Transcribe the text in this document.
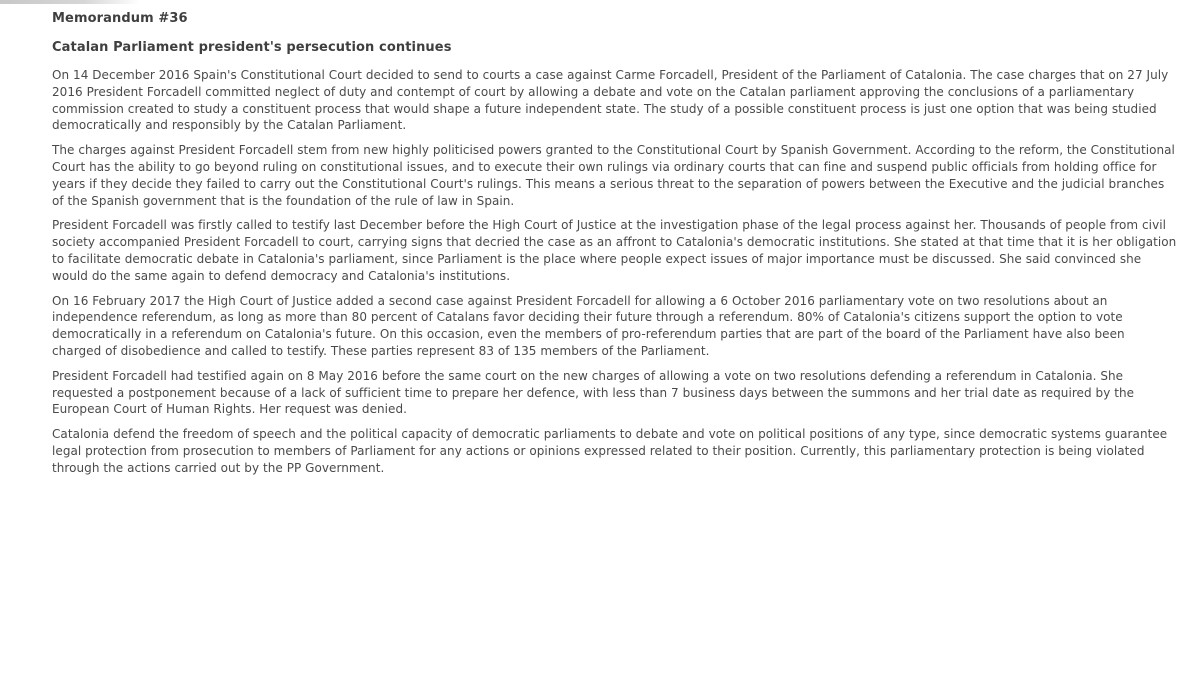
Memorandum #36
Catalan Parliament president's persecution continues

On 14 December 2016 Spain's Constitutional Court decided to send to courts a case against Carme Forcadell, President of the Parliament of Catalonia. The case charges that on 27 July 2016 President Forcadell committed neglect of duty and contempt of court by allowing a debate and vote on the Catalan parliament approving the conclusions of a parliamentary commission created to study a constituent process that would shape a future independent state. The study of a possible constituent process is just one option that was being studied democratically and responsibly by the Catalan Parliament.

The charges against President Forcadell stem from new highly politicised powers granted to the Constitutional Court by Spanish Government. According to the reform, the Constitutional Court has the ability to go beyond ruling on constitutional issues, and to execute their own rulings via ordinary courts that can fine and suspend public officials from holding office for years if they decide they failed to carry out the Constitutional Court's rulings. This means a serious threat to the separation of powers between the Executive and the judicial branches of the Spanish government that is the foundation of the rule of law in Spain.

President Forcadell was firstly called to testify last December before the High Court of Justice at the investigation phase of the legal process against her. Thousands of people from civil society accompanied President Forcadell to court, carrying signs that decried the case as an affront to Catalonia's democratic institutions. She stated at that time that it is her obligation to facilitate democratic debate in Catalonia's parliament, since Parliament is the place where people expect issues of major importance must be discussed. She said convinced she would do the same again to defend democracy and Catalonia's institutions.

On 16 February 2017 the High Court of Justice added a second case against President Forcadell for allowing a 6 October 2016 parliamentary vote on two resolutions about an independence referendum, as long as more than 80 percent of Catalans favor deciding their future through a referendum. 80% of Catalonia's citizens support the option to vote democratically in a referendum on Catalonia's future. On this occasion, even the members of pro-referendum parties that are part of the board of the Parliament have also been charged of disobedience and called to testify. These parties represent 83 of 135 members of the Parliament.

President Forcadell had testified again on 8 May 2016 before the same court on the new charges of allowing a vote on two resolutions defending a referendum in Catalonia. She requested a postponement because of a lack of sufficient time to prepare her defence, with less than 7 business days between the summons and her trial date as required by the European Court of Human Rights. Her request was denied.

Catalonia defend the freedom of speech and the political capacity of democratic parliaments to debate and vote on political positions of any type, since democratic systems guarantee legal protection from prosecution to members of Parliament for any actions or opinions expressed related to their position. Currently, this parliamentary protection is being violated through the actions carried out by the PP Government.
